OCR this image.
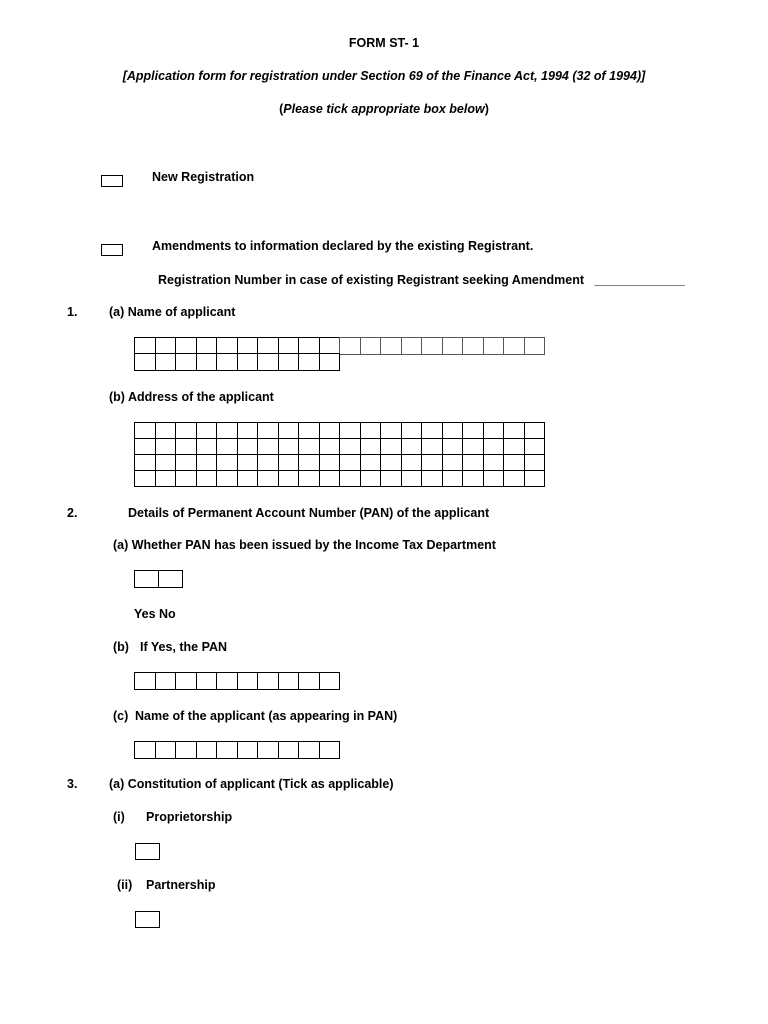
FORM ST- 1
[Application form for registration under Section 69 of the Finance Act, 1994 (32 of 1994)]
(Please tick appropriate box below)
New Registration
Amendments to information declared by the existing Registrant.
Registration Number in case of existing Registrant seeking Amendment _____________
1.	(a) Name of applicant
(b) Address of the applicant
2.	Details of Permanent Account Number (PAN) of the applicant
(a) Whether PAN has been issued by the Income Tax Department
Yes No
(b) If Yes, the PAN
(c) Name of the applicant (as appearing in PAN)
3.	(a) Constitution of applicant (Tick as applicable)
(i) Proprietorship
(ii) Partnership
